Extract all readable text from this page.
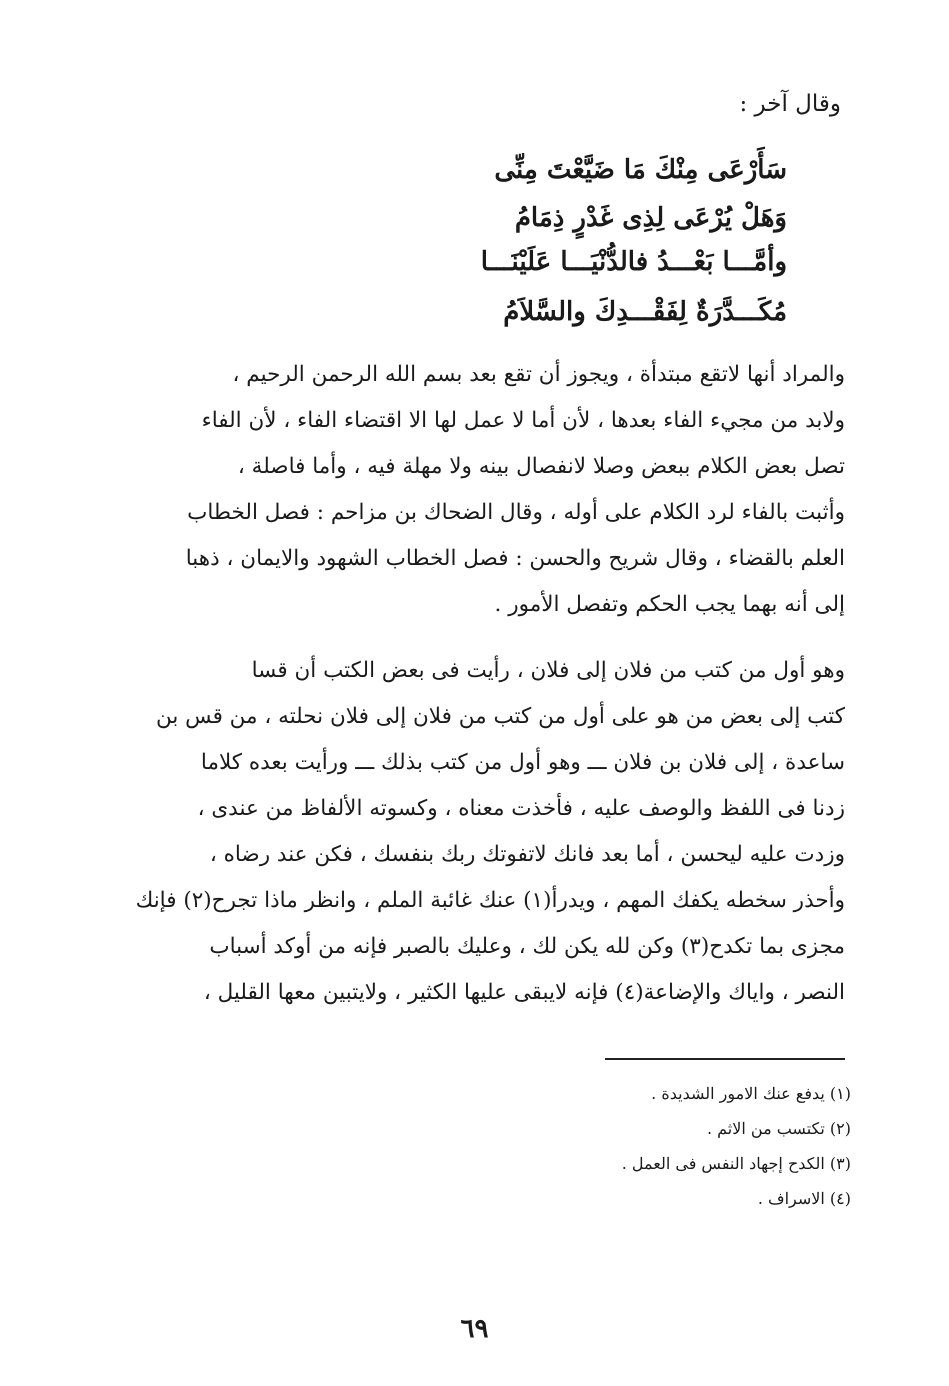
وقال آخر :
سَأَرْعَى مِنْكَ مَا ضَيَّعْتَ مِنِّى
وَهَلْ يُرْعَى لِذِى غَدْرٍ ذِمَامُ
وأمَّـــا بَعْـــدُ فالدُّنْيَـــا عَلَيْنَـــا
مُكَـــدَّرَةٌ لِفَقْـــدِكَ والسَّلاَمُ
والمراد أنها لاتقع مبتدأة ، ويجوز أن تقع بعد بسم الله الرحمن الرحيم ،
ولابد من مجيء الفاء بعدها ، لأن أما لا عمل لها الا اقتضاء الفاء ، لأن الفاء
تصل بعض الكلام ببعض وصلا لانفصال بينه ولا مهلة فيه ، وأما فاصلة ،
وأثبت بالفاء لرد الكلام على أوله ، وقال الضحاك بن مزاحم : فصل الخطاب
العلم بالقضاء ، وقال شريح والحسن : فصل الخطاب الشهود والايمان ، ذهبا
إلى أنه بهما يجب الحكم وتفصل الأمور .
وهو أول من كتب من فلان إلى فلان ، رأيت فى بعض الكتب أن قسا
كتب إلى بعض من هو على أول من كتب من فلان إلى فلان نحلته ، من قس بن
ساعدة ، إلى فلان بن فلان ـــ وهو أول من كتب بذلك ـــ ورأيت بعده كلاما
زدنا فى اللفظ والوصف عليه ، فأخذت معناه ، وكسوته الألفاظ من عندى ،
وزدت عليه ليحسن ، أما بعد فانك لاتفوتك ربك بنفسك ، فكن عند رضاه ،
وأحذر سخطه يكفك المهم ، ويدرأ(١) عنك غائبة الملم ، وانظر ماذا تجرح(٢) فإنك
مجزى بما تكدح(٣) وكن لله يكن لك ، وعليك بالصبر فإنه من أوكد أسباب
النصر ، واياك والإضاعة(٤) فإنه لايبقى عليها الكثير ، ولايتبين معها القليل ،
(١) يدفع عنك الامور الشديدة .
(٢) تكتسب من الاثم .
(٣) الكدح إجهاد النفس فى العمل .
(٤) الاسراف .
٦٩
